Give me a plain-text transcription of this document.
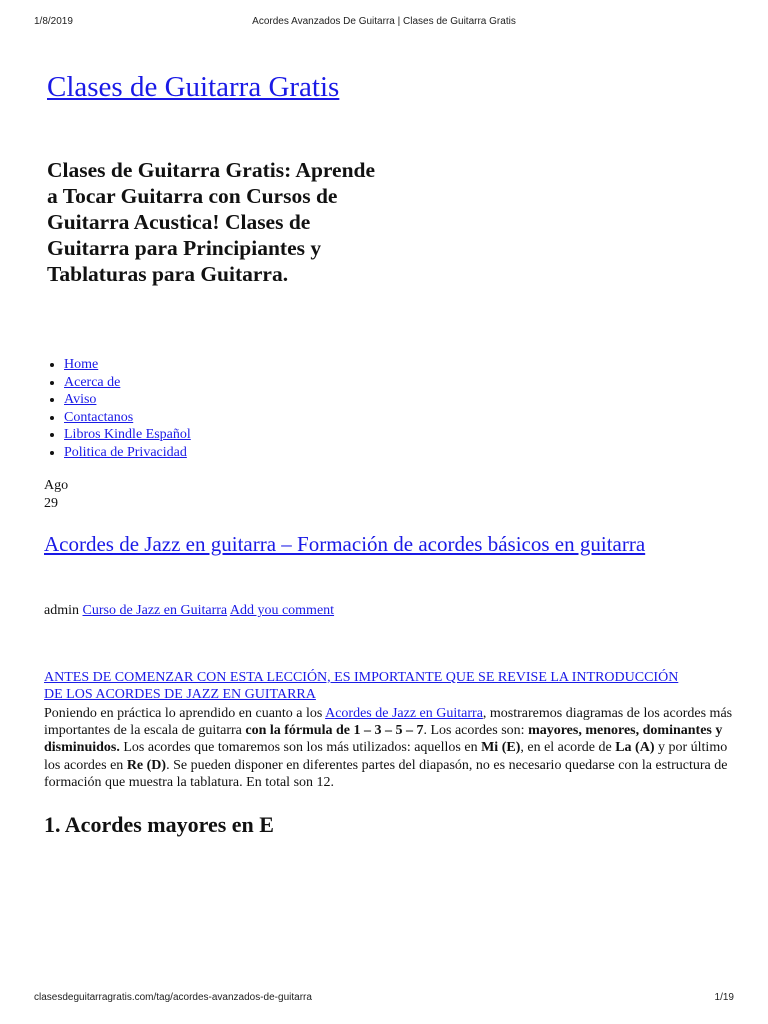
1/8/2019	Acordes Avanzados De Guitarra | Clases de Guitarra Gratis
Clases de Guitarra Gratis

Clases de Guitarra Gratis: Aprende a Tocar Guitarra con Cursos de Guitarra Acustica! Clases de Guitarra para Principiantes y Tablaturas para Guitarra.

• Home
• Acerca de
• Aviso
• Contactanos
• Libros Kindle Español
• Politica de Privacidad
Ago
29
Acordes de Jazz en guitarra – Formación de acordes básicos en guitarra
admin Curso de Jazz en Guitarra Add you comment
ANTES DE COMENZAR CON ESTA LECCIÓN, ES IMPORTANTE QUE SE REVISE LA INTRODUCCIÓN DE LOS ACORDES DE JAZZ EN GUITARRA

Poniendo en práctica lo aprendido en cuanto a los Acordes de Jazz en Guitarra, mostraremos diagramas de los acordes más importantes de la escala de guitarra con la fórmula de 1 – 3 – 5 – 7. Los acordes son: mayores, menores, dominantes y disminuidos. Los acordes que tomaremos son los más utilizados: aquellos en Mi (E), en el acorde de La (A) y por último los acordes en Re (D). Se pueden disponer en diferentes partes del diapasón, no es necesario quedarse con la estructura de formación que muestra la tablatura. En total son 12.

1. Acordes mayores en E
clasesdeguitarragratis.com/tag/acordes-avanzados-de-guitarra	1/19
